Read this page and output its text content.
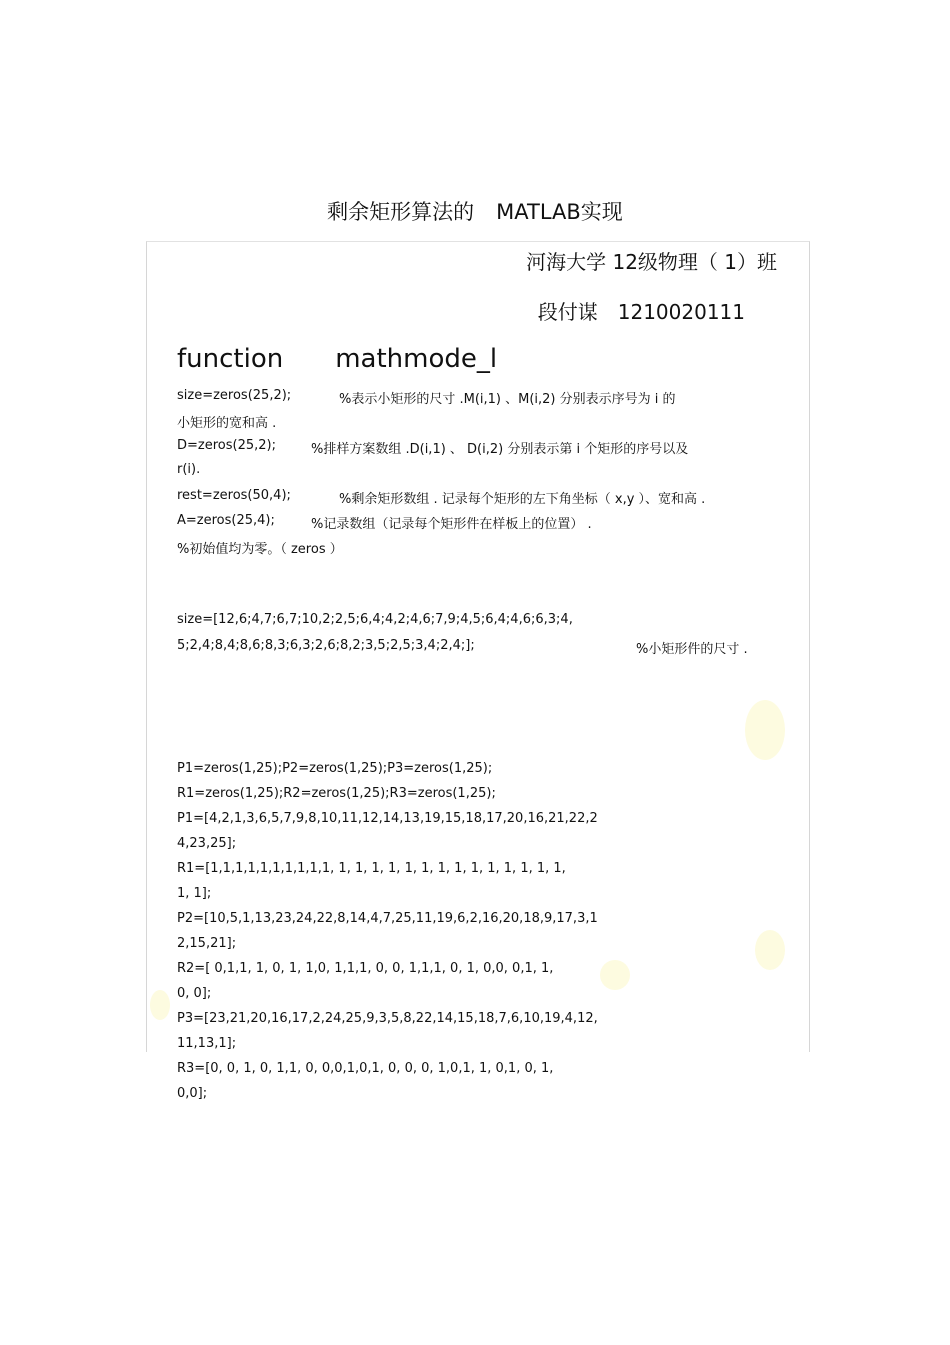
剩余矩形算法的 MATLAB实现
河海大学 12级物理（ 1）班
段付谋 1210020111
function mathmode_l
size=zeros(25,2);	%表示小矩形的尺寸 .M(i,1) 、M(i,2) 分别表示序号为 i 的
小矩形的宽和高 .
D=zeros(25,2);	%排样方案数组 .D(i,1) 、 D(i,2) 分别表示第 i 个矩形的序号以及
r(i).
rest=zeros(50,4);	%剩余矩形数组 . 记录每个矩形的左下角坐标（ x,y ）、宽和高 .
A=zeros(25,4);	%记录数组（记录每个矩形件在样板上的位置） .
%初始值均为零。（ zeros ）
size=[12,6;4,7;6,7;10,2;2,5;6,4;4,2;4,6;7,9;4,5;6,4;4,6;6,3;4,
5;2,4;8,4;8,6;8,3;6,3;2,6;8,2;3,5;2,5;3,4;2,4;];	%小矩形件的尺寸 .
P1=zeros(1,25);P2=zeros(1,25);P3=zeros(1,25);
R1=zeros(1,25);R2=zeros(1,25);R3=zeros(1,25);
P1=[4,2,1,3,6,5,7,9,8,10,11,12,14,13,19,15,18,17,20,16,21,22,2
4,23,25];
R1=[1,1,1,1,1,1,1,1,1,1, 1, 1, 1, 1, 1, 1, 1, 1, 1, 1, 1, 1, 1, 1,
1, 1];
P2=[10,5,1,13,23,24,22,8,14,4,7,25,11,19,6,2,16,20,18,9,17,3,1
2,15,21];
R2=[ 0,1,1, 1, 0, 1, 1,0, 1,1,1, 0, 0, 1,1,1, 0, 1, 0,0, 0,1, 1,
0, 0];
P3=[23,21,20,16,17,2,24,25,9,3,5,8,22,14,15,18,7,6,10,19,4,12,
11,13,1];
R3=[0, 0, 1, 0, 1,1, 0, 0,0,1,0,1, 0, 0, 0, 1,0,1, 1, 0,1, 0, 1,
0,0];
